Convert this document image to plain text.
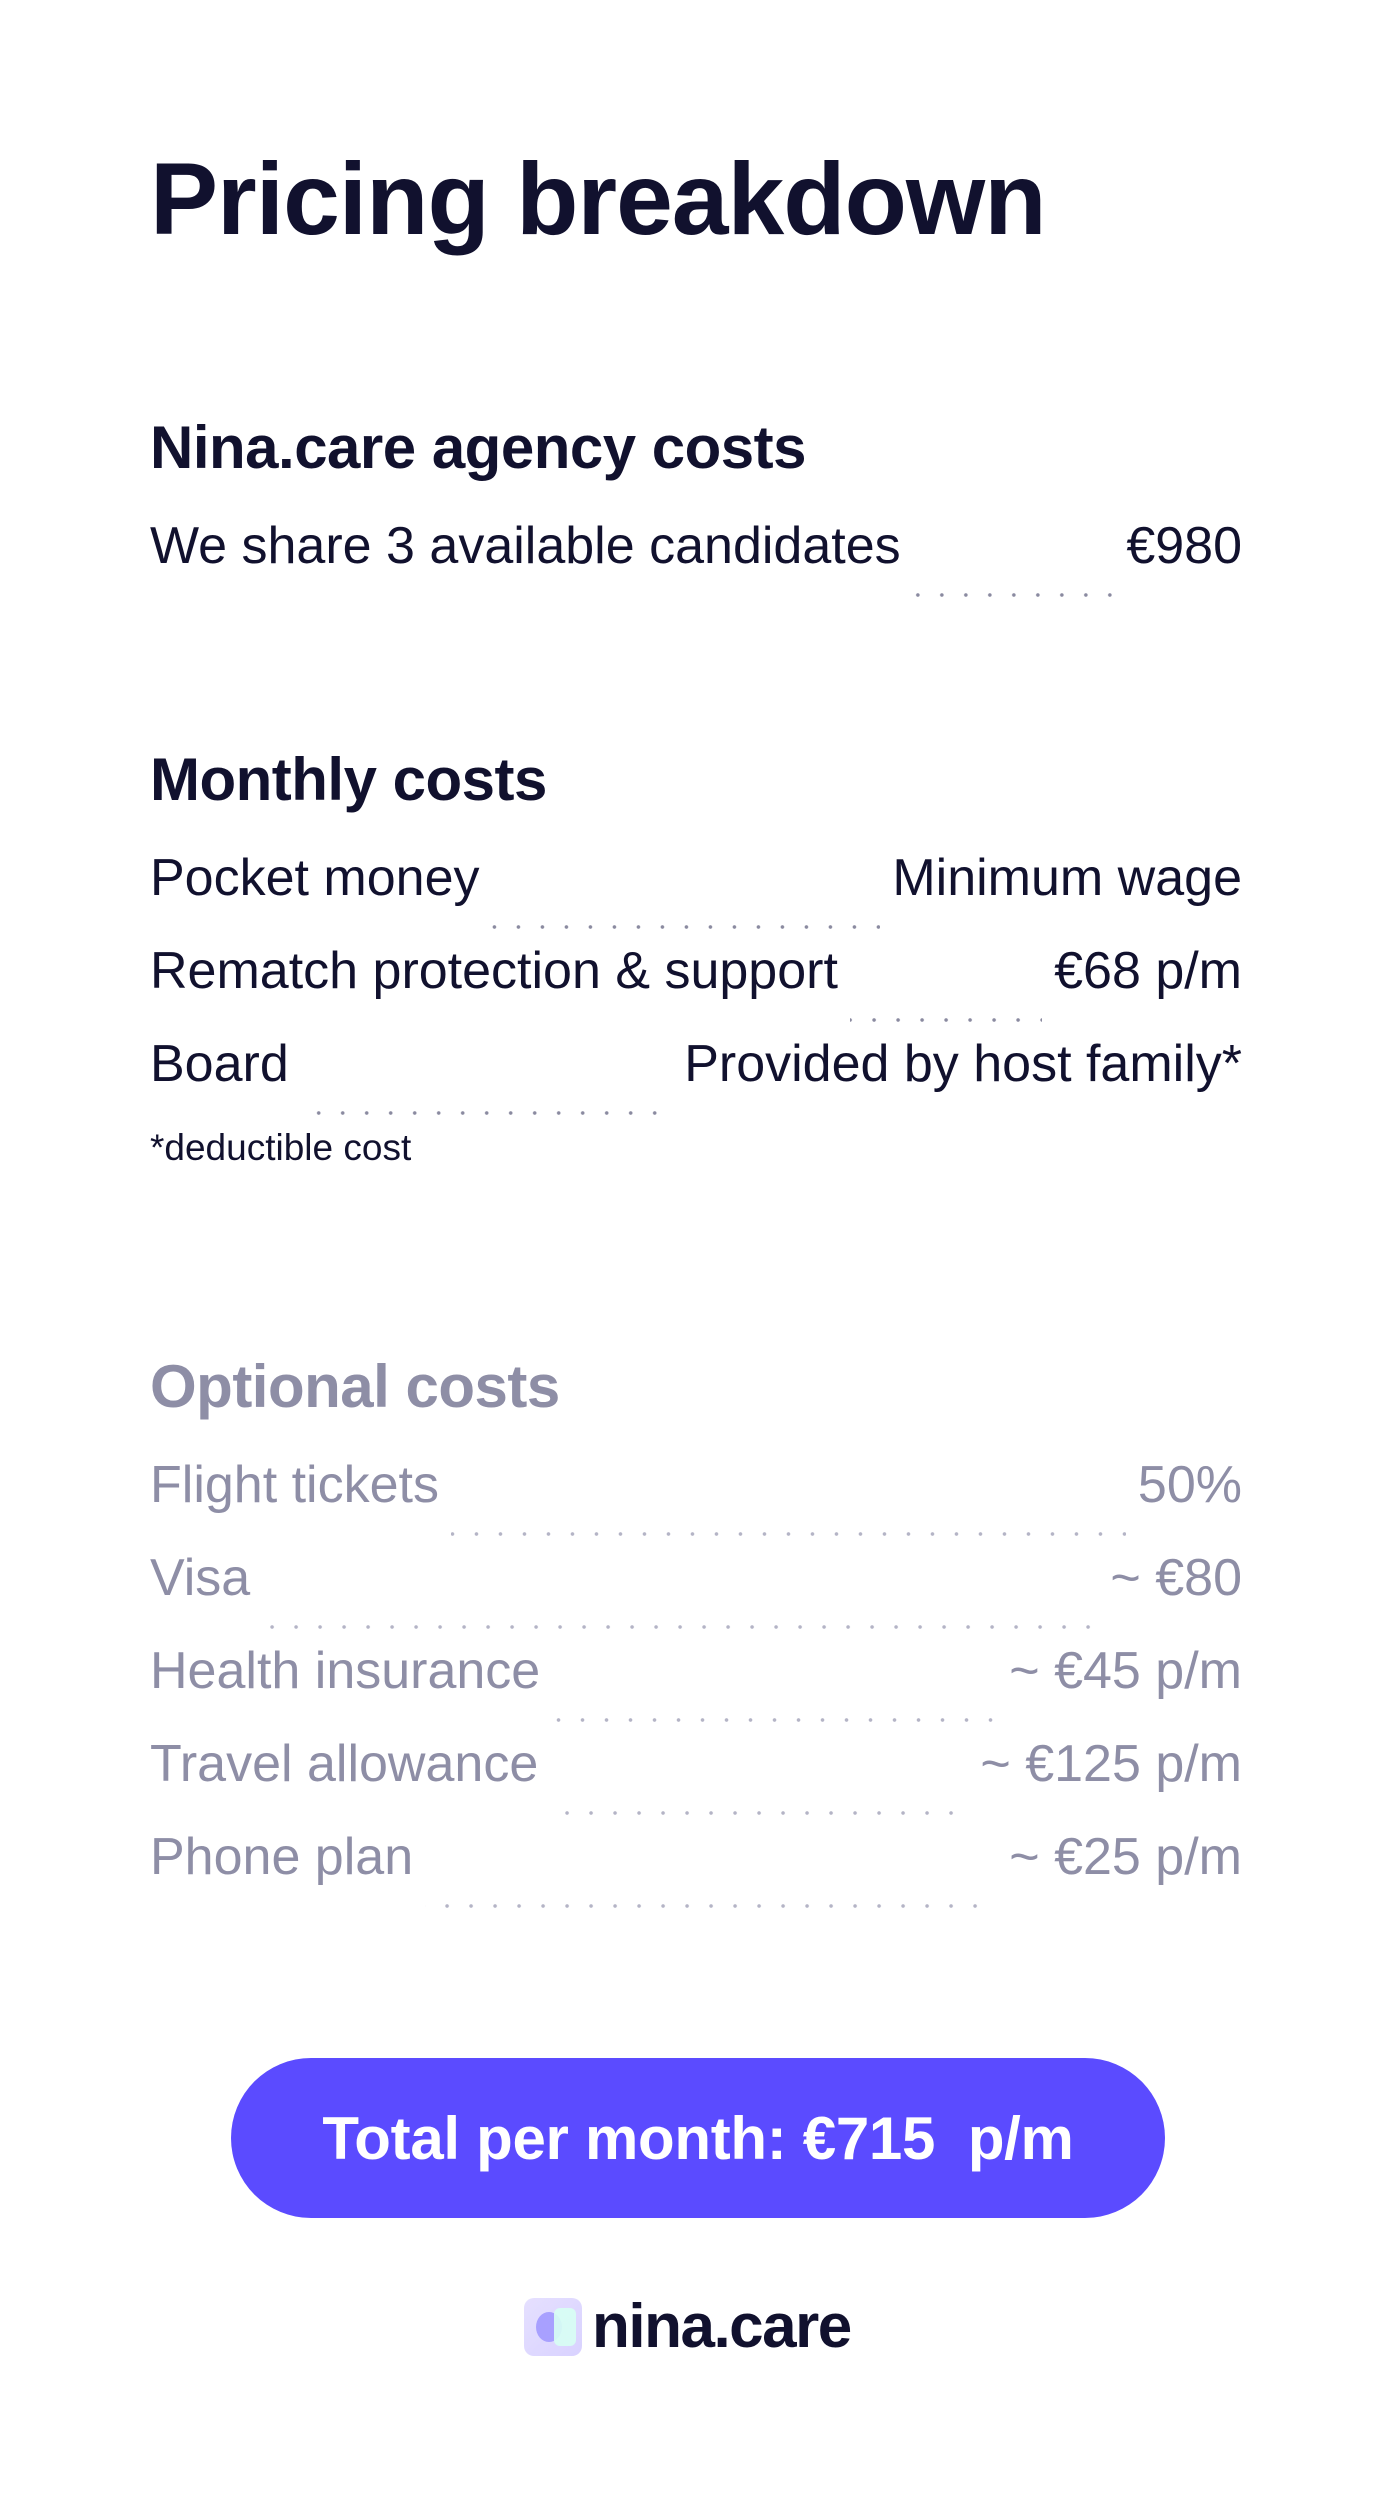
Pricing breakdown
Nina.care agency costs
We share 3 available candidates	€980
Monthly costs
Pocket money	Minimum wage
Rematch protection & support	€68 p/m
Board	Provided by host family*
*deductible cost
Optional costs
Flight tickets	50%
Visa	~ €80
Health insurance	~ €45 p/m
Travel allowance	~ €125 p/m
Phone plan	~ €25 p/m
Total per month: €715  p/m
nina.care
